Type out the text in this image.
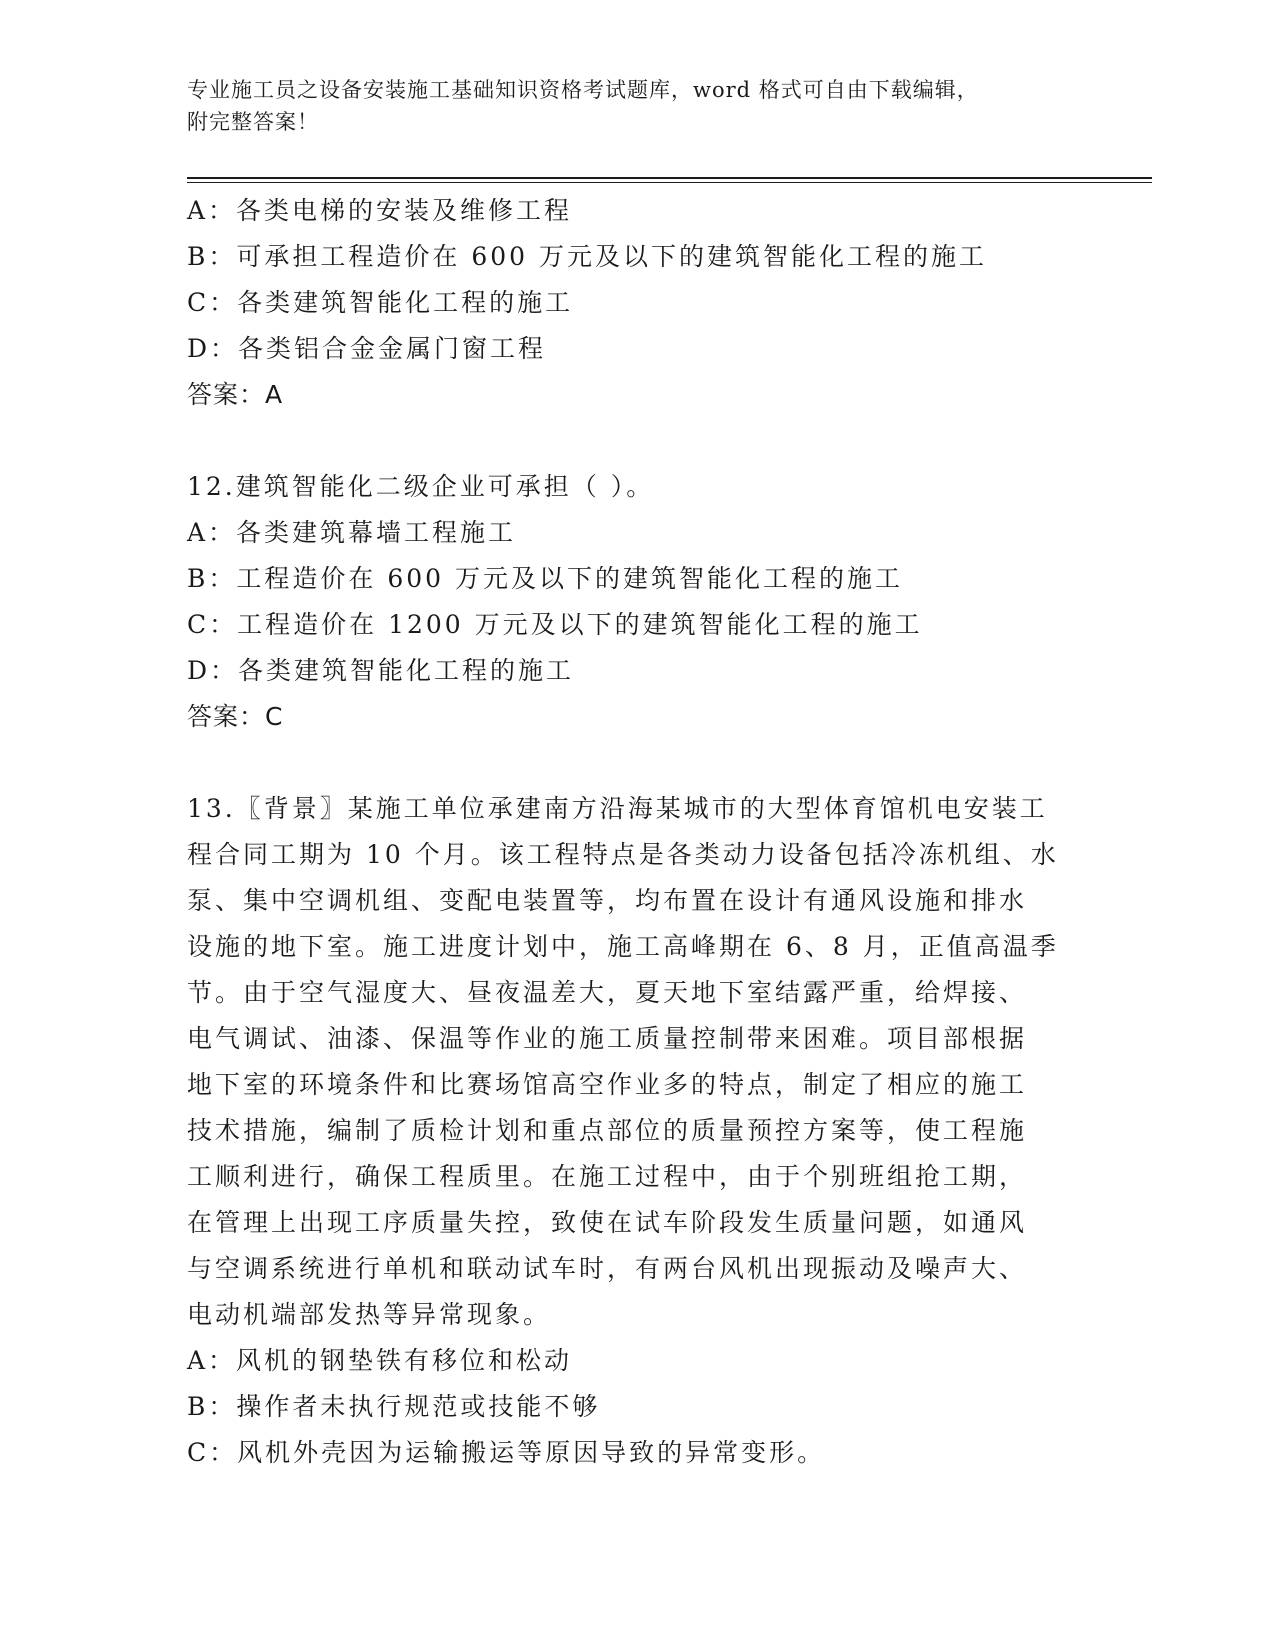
专业施工员之设备安装施工基础知识资格考试题库，word 格式可自由下载编辑，
附完整答案！
A：各类电梯的安装及维修工程
B：可承担工程造价在 600 万元及以下的建筑智能化工程的施工
C：各类建筑智能化工程的施工
D：各类铝合金金属门窗工程
答案：A
12.建筑智能化二级企业可承担（ ）。
A：各类建筑幕墙工程施工
B：工程造价在 600 万元及以下的建筑智能化工程的施工
C：工程造价在 1200 万元及以下的建筑智能化工程的施工
D：各类建筑智能化工程的施工
答案：C
13.〖背景〗某施工单位承建南方沿海某城市的大型体育馆机电安装工
程合同工期为 10 个月。该工程特点是各类动力设备包括冷冻机组、水
泵、集中空调机组、变配电装置等，均布置在设计有通风设施和排水
设施的地下室。施工进度计划中，施工高峰期在 6、8 月，正值高温季
节。由于空气湿度大、昼夜温差大，夏天地下室结露严重，给焊接、
电气调试、油漆、保温等作业的施工质量控制带来困难。项目部根据
地下室的环境条件和比赛场馆高空作业多的特点，制定了相应的施工
技术措施，编制了质检计划和重点部位的质量预控方案等，使工程施
工顺利进行，确保工程质里。在施工过程中，由于个别班组抢工期，
在管理上出现工序质量失控，致使在试车阶段发生质量问题，如通风
与空调系统进行单机和联动试车时，有两台风机出现振动及噪声大、
电动机端部发热等异常现象。
A：风机的钢垫铁有移位和松动
B：操作者未执行规范或技能不够
C：风机外壳因为运输搬运等原因导致的异常变形。
